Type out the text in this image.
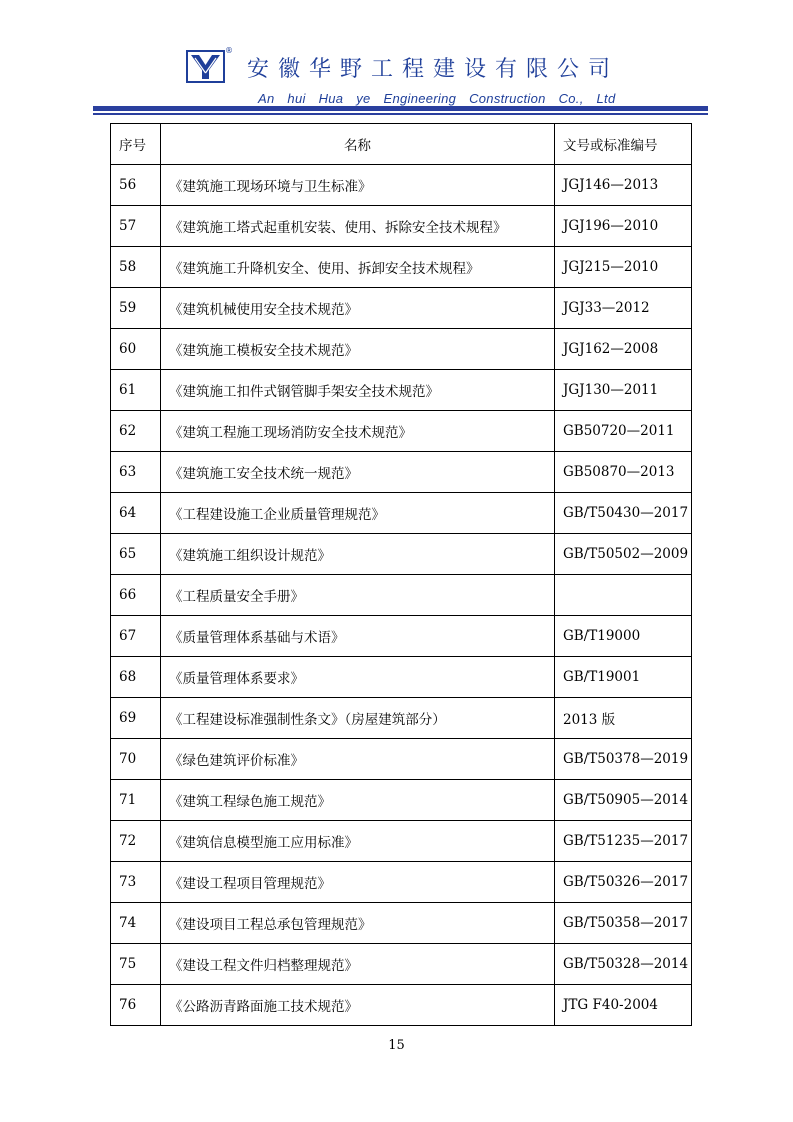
®
安徽华野工程建设有限公司
An hui Hua ye Engineering Construction Co., Ltd
序号	名称	文号或标准编号
56	《建筑施工现场环境与卫生标准》	JGJ146—2013
57	《建筑施工塔式起重机安装、使用、拆除安全技术规程》	JGJ196—2010
58	《建筑施工升降机安全、使用、拆卸安全技术规程》	JGJ215—2010
59	《建筑机械使用安全技术规范》	JGJ33—2012
60	《建筑施工模板安全技术规范》	JGJ162—2008
61	《建筑施工扣件式钢管脚手架安全技术规范》	JGJ130—2011
62	《建筑工程施工现场消防安全技术规范》	GB50720—2011
63	《建筑施工安全技术统一规范》	GB50870—2013
64	《工程建设施工企业质量管理规范》	GB/T50430—2017
65	《建筑施工组织设计规范》	GB/T50502—2009
66	《工程质量安全手册》	
67	《质量管理体系基础与术语》	GB/T19000
68	《质量管理体系要求》	GB/T19001
69	《工程建设标准强制性条文》（房屋建筑部分）	2013 版
70	《绿色建筑评价标准》	GB/T50378—2019
71	《建筑工程绿色施工规范》	GB/T50905—2014
72	《建筑信息模型施工应用标准》	GB/T51235—2017
73	《建设工程项目管理规范》	GB/T50326—2017
74	《建设项目工程总承包管理规范》	GB/T50358—2017
75	《建设工程文件归档整理规范》	GB/T50328—2014
76	《公路沥青路面施工技术规范》	JTG F40-2004
15
